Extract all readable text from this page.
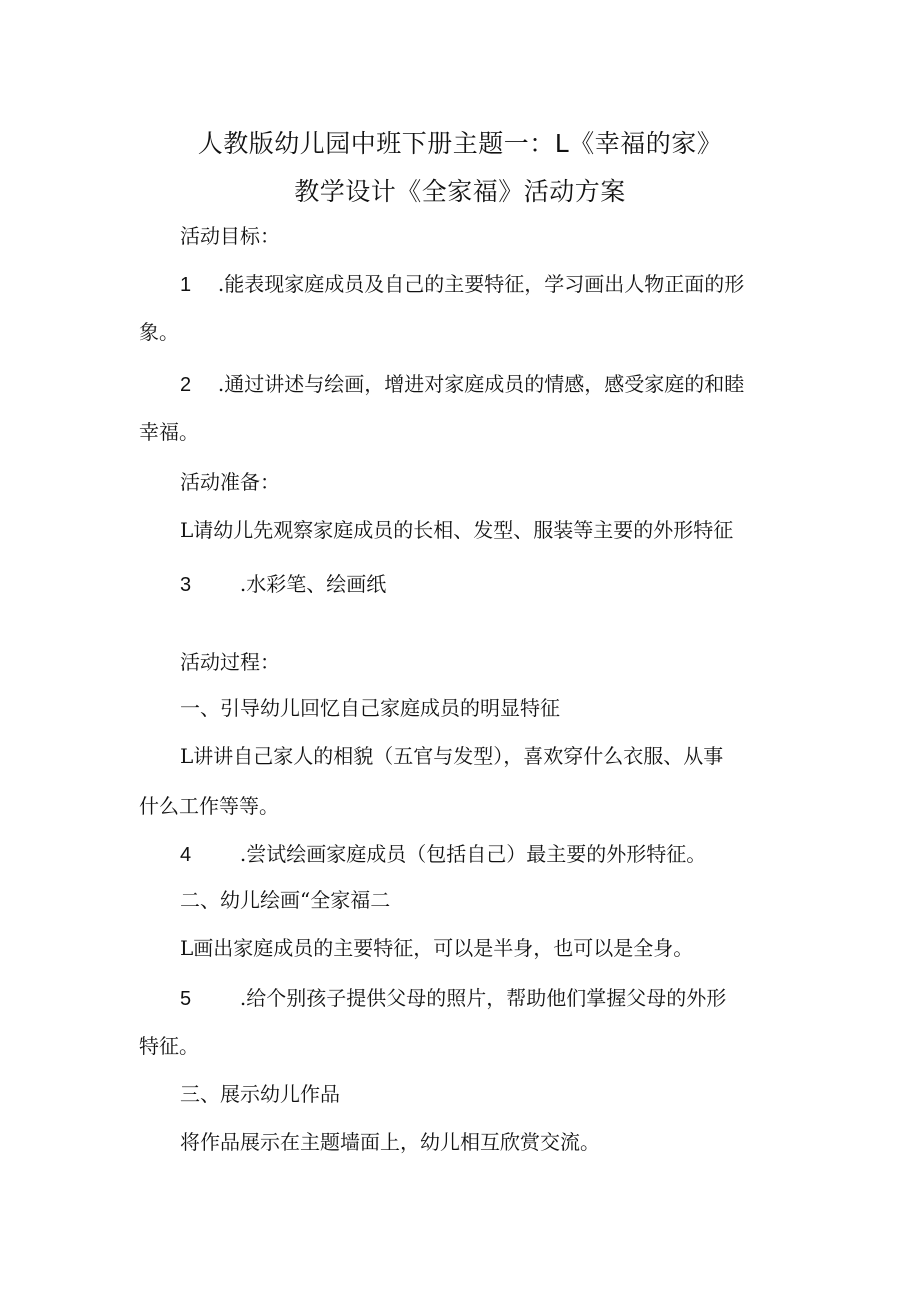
人教版幼儿园中班下册主题一：L《幸福的家》
教学设计《全家福》活动方案
活动目标：
1 .能表现家庭成员及自己的主要特征，学习画出人物正面的形
象。
2 .通过讲述与绘画，增进对家庭成员的情感，感受家庭的和睦
幸福。
活动准备：
L请幼儿先观察家庭成员的长相、发型、服装等主要的外形特征
3 .水彩笔、绘画纸
活动过程：
一、引导幼儿回忆自己家庭成员的明显特征
L讲讲自己家人的相貌（五官与发型），喜欢穿什么衣服、从事
什么工作等等。
4 .尝试绘画家庭成员（包括自己）最主要的外形特征。
二、幼儿绘画“全家福二
L画出家庭成员的主要特征，可以是半身，也可以是全身。
5 .给个别孩子提供父母的照片，帮助他们掌握父母的外形
特征。
三、展示幼儿作品
将作品展示在主题墙面上，幼儿相互欣赏交流。
